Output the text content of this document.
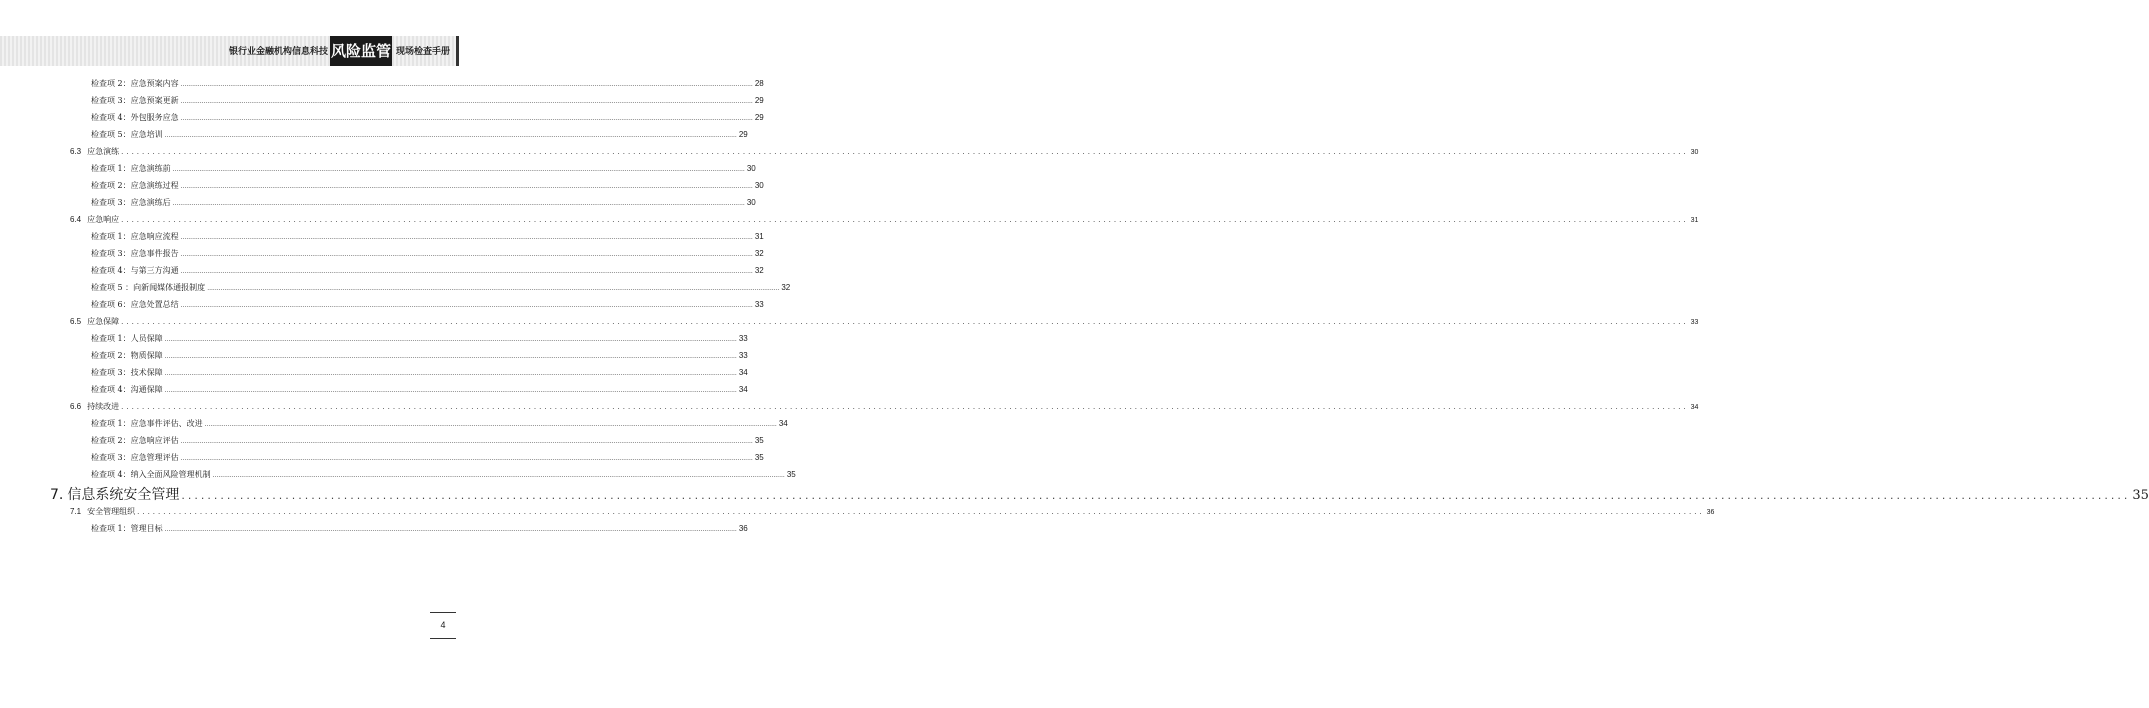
银行业金融机构信息科技 风险监管 现场检查手册
检查项 2：应急预案内容 ............................................................................................................................................................................................................................................................................................................ 28
检查项 3：应急预案更新 ............................................................................................................................................................................................................................................................................................................ 29
检查项 4：外包服务应急 ............................................................................................................................................................................................................................................................................................................ 29
检查项 5：应急培训 ............................................................................................................................................................................................................................................................................................................ 29
6.3 应急演练 ............................................................................................................................................................................................................................................................................................................ 30
检查项 1：应急演练前 ............................................................................................................................................................................................................................................................................................................ 30
检查项 2：应急演练过程 ............................................................................................................................................................................................................................................................................................................ 30
检查项 3：应急演练后 ............................................................................................................................................................................................................................................................................................................ 30
6.4 应急响应 ............................................................................................................................................................................................................................................................................................................ 31
检查项 1：应急响应流程 ............................................................................................................................................................................................................................................................................................................ 31
检查项 3：应急事件报告 ............................................................................................................................................................................................................................................................................................................ 32
检查项 4：与第三方沟通 ............................................................................................................................................................................................................................................................................................................ 32
检查项 5 ：向新闻媒体通报制度 ............................................................................................................................................................................................................................................................................................................ 32
检查项 6：应急处置总结 ............................................................................................................................................................................................................................................................................................................ 33
6.5 应急保障 ............................................................................................................................................................................................................................................................................................................ 33
检查项 1：人员保障 ............................................................................................................................................................................................................................................................................................................ 33
检查项 2：物质保障 ............................................................................................................................................................................................................................................................................................................ 33
检查项 3：技术保障 ............................................................................................................................................................................................................................................................................................................ 34
检查项 4：沟通保障 ............................................................................................................................................................................................................................................................................................................ 34
6.6 持续改进 ............................................................................................................................................................................................................................................................................................................ 34
检查项 1：应急事件评估、改进 ............................................................................................................................................................................................................................................................................................................ 34
检查项 2：应急响应评估 ............................................................................................................................................................................................................................................................................................................ 35
检查项 3：应急管理评估 ............................................................................................................................................................................................................................................................................................................ 35
检查项 4：纳入全面风险管理机制 ............................................................................................................................................................................................................................................................................................................ 35
7. 信息系统安全管理 ............................................................................................................................................................................................................................................................................................................ 35
7.1 安全管理组织 ............................................................................................................................................................................................................................................................................................................ 36
检查项 1：管理目标 ............................................................................................................................................................................................................................................................................................................ 36
4
